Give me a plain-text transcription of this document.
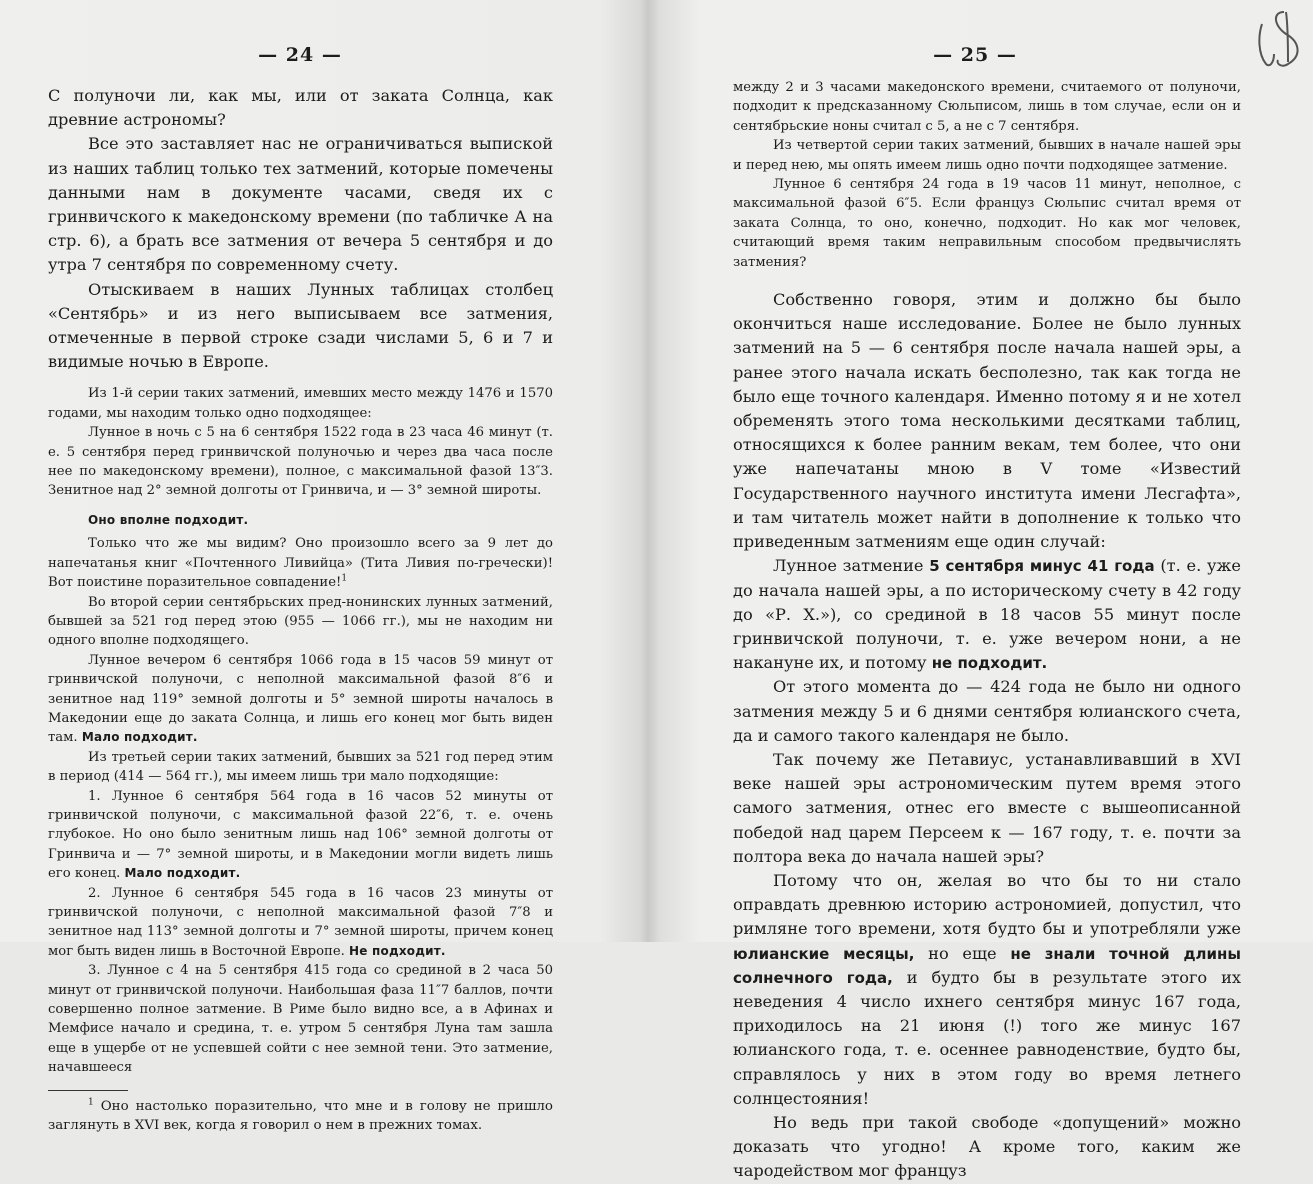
— 24 —

С полуночи ли, как мы, или от заката Солнца, как древние астрономы?

Все это заставляет нас не ограничиваться выпиской из наших таблиц только тех затмений, которые помечены данными нам в документе часами, сведя их с гринвичского к македонскому времени (по табличке А на стр. 6), а брать все затмения от вечера 5 сентября и до утра 7 сентября по современному счету.

Отыскиваем в наших Лунных таблицах столбец «Сентябрь» и из него выписываем все затмения, отмеченные в первой строке сзади числами 5, 6 и 7 и видимые ночью в Европе.

Из 1-й серии таких затмений, имевших место между 1476 и 1570 годами, мы находим только одно подходящее:

Лунное в ночь с 5 на 6 сентября 1522 года в 23 часа 46 минут (т. е. 5 сентября перед гринвичской полуночью и через два часа после нее по македонскому времени), полное, с максимальной фазой 13″3. Зенитное над 2° земной долготы от Гринвича, и — 3° земной широты.

Оно вполне подходит.

Только что же мы видим? Оно произошло всего за 9 лет до напечатанья книг «Почтенного Ливийца» (Тита Ливия по-гречески)! Вот поистине поразительное совпадение!$^1$

Во второй серии сентябрьских пред-нонинских лунных затмений, бывшей за 521 год перед этою (955 — 1066 гг.), мы не находим ни одного вполне подходящего.

Лунное вечером 6 сентября 1066 года в 15 часов 59 минут от гринвичской полуночи, с неполной максимальной фазой 8″6 и зенитное над 119° земной долготы и 5° земной широты началось в Македонии еще до заката Солнца, и лишь его конец мог быть виден там. Мало подходит.

Из третьей серии таких затмений, бывших за 521 год перед этим в период (414 — 564 гг.), мы имеем лишь три мало подходящие:

1. Лунное 6 сентября 564 года в 16 часов 52 минуты от гринвичской полуночи, с максимальной фазой 22″6, т. е. очень глубокое. Но оно было зенитным лишь над 106° земной долготы от Гринвича и — 7° земной широты, и в Македонии могли видеть лишь его конец. Мало подходит.

2. Лунное 6 сентября 545 года в 16 часов 23 минуты от гринвичской полуночи, с неполной максимальной фазой 7″8 и зенитное над 113° земной долготы и 7° земной широты, причем конец мог быть виден лишь в Восточной Европе. Не подходит.

3. Лунное с 4 на 5 сентября 415 года со срединой в 2 часа 50 минут от гринвичской полуночи. Наибольшая фаза 11″7 баллов, почти совершенно полное затмение. В Риме было видно все, а в Афинах и Мемфисе начало и средина, т. е. утром 5 сентября Луна там зашла еще в ущербе от не успевшей сойти с нее земной тени. Это затмение, начавшееся

$^1$ Оно настолько поразительно, что мне и в голову не пришло заглянуть в XVI век, когда я говорил о нем в прежних томах.

— 25 —

между 2 и 3 часами македонского времени, считаемого от полуночи, подходит к предсказанному Сюльписом, лишь в том случае, если он и сентябрьские ноны считал с 5, а не с 7 сентября.

Из четвертой серии таких затмений, бывших в начале нашей эры и перед нею, мы опять имеем лишь одно почти подходящее затмение.

Лунное 6 сентября 24 года в 19 часов 11 минут, неполное, с максимальной фазой 6″5. Если француз Сюльпис считал время от заката Солнца, то оно, конечно, подходит. Но как мог человек, считающий время таким неправильным способом предвычислять затмения?

Собственно говоря, этим и должно бы было окончиться наше исследование. Более не было лунных затмений на 5 — 6 сентября после начала нашей эры, а ранее этого начала искать бесполезно, так как тогда не было еще точного календаря. Именно потому я и не хотел обременять этого тома несколькими десятками таблиц, относящихся к более ранним векам, тем более, что они уже напечатаны мною в V томе «Известий Государственного научного института имени Лесгафта», и там читатель может найти в дополнение к только что приведенным затмениям еще один случай:

Лунное затмение 5 сентября минус 41 года (т. е. уже до начала нашей эры, а по историческому счету в 42 году до «Р. Х.»), со срединой в 18 часов 55 минут после гринвичской полуночи, т. е. уже вечером нони, а не накануне их, и потому не подходит.

От этого момента до — 424 года не было ни одного затмения между 5 и 6 днями сентября юлианского счета, да и самого такого календаря не было.

Так почему же Петавиус, устанавливавший в XVI веке нашей эры астрономическим путем время этого самого затмения, отнес его вместе с вышеописанной победой над царем Персеем к — 167 году, т. е. почти за полтора века до начала нашей эры?

Потому что он, желая во что бы то ни стало оправдать древнюю историю астрономией, допустил, что римляне того времени, хотя будто бы и употребляли уже юлианские месяцы, но еще не знали точной длины солнечного года, и будто бы в результате этого их неведения 4 число ихнего сентября минус 167 года, приходилось на 21 июня (!) того же минус 167 юлианского года, т. е. осеннее равноденствие, будто бы, справлялось у них в этом году во время летнего солнцестояния!

Но ведь при такой свободе «допущений» можно доказать что угодно! А кроме того, каким же чародейством мог француз
